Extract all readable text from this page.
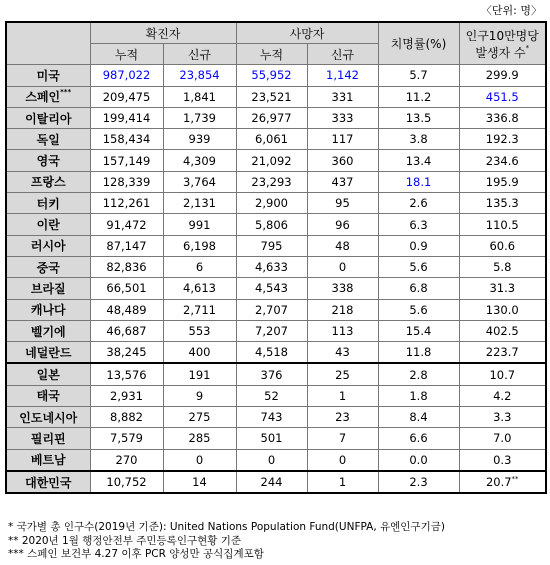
〈단위: 명〉
	확진자		사망자		치명률(%)	인구10만명당
발생자 수*

	누적	신규	누적	신규		
미국	987,022	23,854	55,952	1,142	5.7	299.9
스페인***	209,475	1,841	23,521	331	11.2	451.5
이탈리아	199,414	1,739	26,977	333	13.5	336.8
독일	158,434	939	6,061	117	3.8	192.3
영국	157,149	4,309	21,092	360	13.4	234.6
프랑스	128,339	3,764	23,293	437	18.1	195.9
터키	112,261	2,131	2,900	95	2.6	135.3
이란	91,472	991	5,806	96	6.3	110.5
러시아	87,147	6,198	795	48	0.9	60.6
중국	82,836	6	4,633	0	5.6	5.8
브라질	66,501	4,613	4,543	338	6.8	31.3
캐나다	48,489	2,711	2,707	218	5.6	130.0
벨기에	46,687	553	7,207	113	15.4	402.5
네덜란드	38,245	400	4,518	43	11.8	223.7
일본	13,576	191	376	25	2.8	10.7
태국	2,931	9	52	1	1.8	4.2
인도네시아	8,882	275	743	23	8.4	3.3
필리핀	7,579	285	501	7	6.6	7.0
베트남	270	0	0	0	0.0	0.3
대한민국	10,752	14	244	1	2.3	20.7**
* 국가별 총 인구수(2019년 기준): United Nations Population Fund(UNFPA, 유엔인구기금)
** 2020년 1월 행정안전부 주민등록인구현황 기준
*** 스페인 보건부 4.27 이후 PCR 양성만 공식집계포함
